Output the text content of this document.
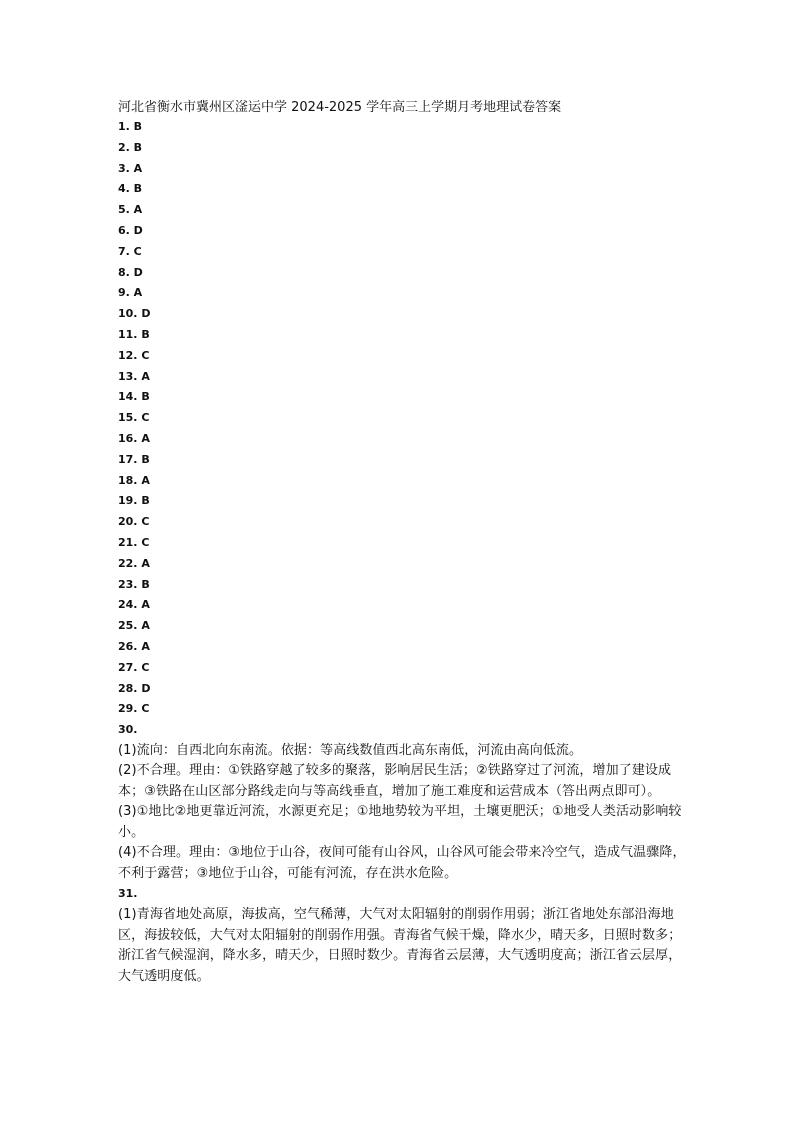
河北省衡水市冀州区滏运中学 2024-2025 学年高三上学期月考地理试卷答案
1. B
2. B
3. A
4. B
5. A
6. D
7. C
8. D
9. A
10. D
11. B
12. C
13. A
14. B
15. C
16. A
17. B
18. A
19. B
20. C
21. C
22. A
23. B
24. A
25. A
26. A
27. C
28. D
29. C
30.

(1)流向：自西北向东南流。依据：等高线数值西北高东南低，河流由高向低流。

(2)不合理。理由：①铁路穿越了较多的聚落，影响居民生活；②铁路穿过了河流，增加了建设成本；③铁路在山区部分路线走向与等高线垂直，增加了施工难度和运营成本（答出两点即可）。

(3)①地比②地更靠近河流，水源更充足；①地地势较为平坦，土壤更肥沃；①地受人类活动影响较小。

(4)不合理。理由：③地位于山谷，夜间可能有山谷风，山谷风可能会带来冷空气，造成气温骤降，不利于露营；③地位于山谷，可能有河流，存在洪水危险。

31.

(1)青海省地处高原，海拔高，空气稀薄，大气对太阳辐射的削弱作用弱；浙江省地处东部沿海地区，海拔较低，大气对太阳辐射的削弱作用强。青海省气候干燥，降水少，晴天多，日照时数多；浙江省气候湿润，降水多，晴天少，日照时数少。青海省云层薄，大气透明度高；浙江省云层厚，大气透明度低。
